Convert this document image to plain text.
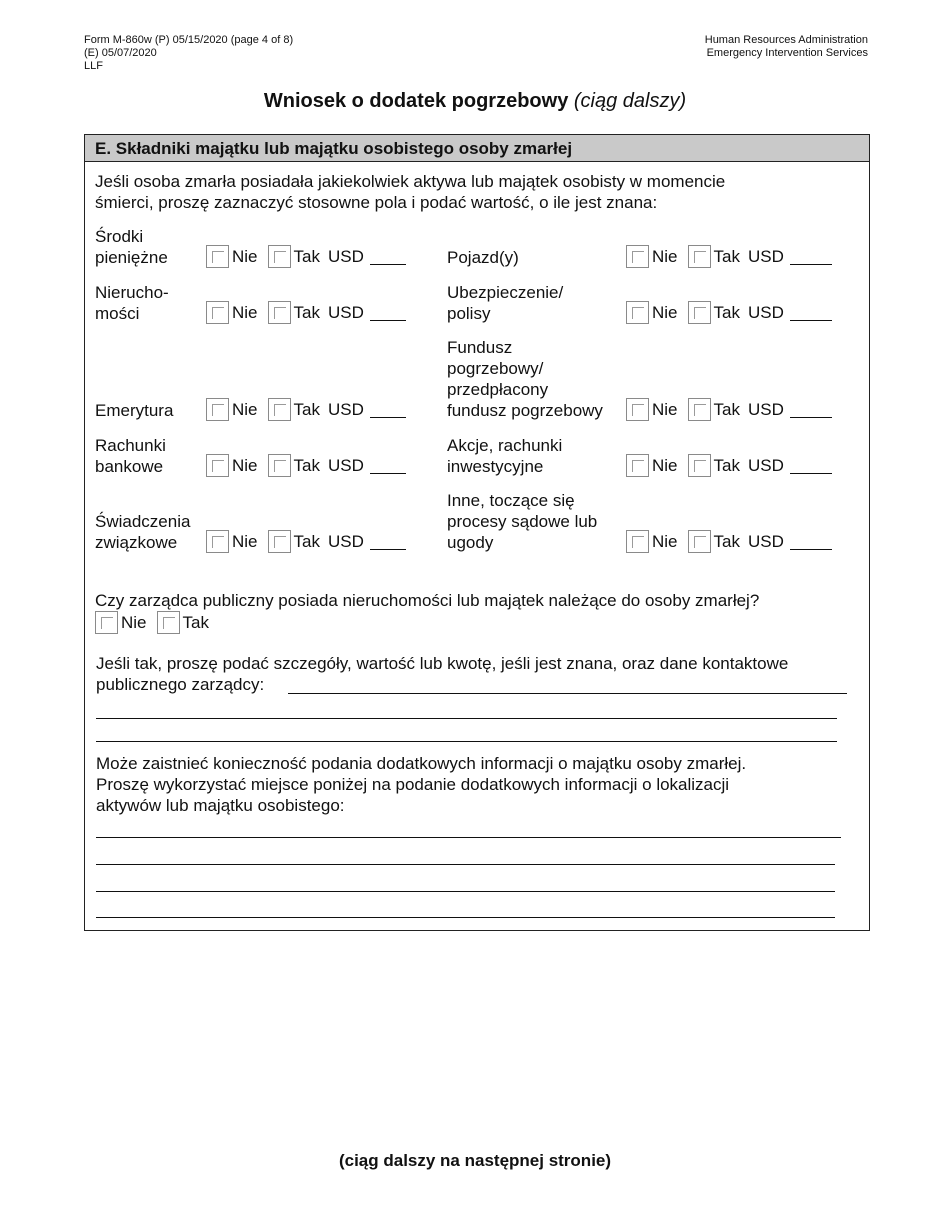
Form M-860w (P) 05/15/2020 (page 4 of 8)
(E) 05/07/2020
LLF
Human Resources Administration
Emergency Intervention Services
Wniosek o dodatek pogrzebowy (ciąg dalszy)
E. Składniki majątku lub majątku osobistego osoby zmarłej
Jeśli osoba zmarła posiadała jakiekolwiek aktywa lub majątek osobisty w momencie
śmierci, proszę zaznaczyć stosowne pola i podać wartość, o ile jest znana:
Środki
pieniężne
Nierucho-
mości
Emerytura
Rachunki
bankowe
Świadczenia
związkowe
Nie Tak USD
Nie Tak USD
Nie Tak USD
Nie Tak USD
Nie Tak USD
Pojazd(y)
Ubezpieczenie/
polisy
Fundusz
pogrzebowy/
przedpłacony
fundusz pogrzebowy
Akcje, rachunki
inwestycyjne
Inne, toczące się
procesy sądowe lub
ugody
Nie Tak USD
Nie Tak USD
Nie Tak USD
Nie Tak USD
Nie Tak USD
Czy zarządca publiczny posiada nieruchomości lub majątek należące do osoby zmarłej?
Nie Tak
Jeśli tak, proszę podać szczegóły, wartość lub kwotę, jeśli jest znana, oraz dane kontaktowe
publicznego zarządcy:
Może zaistnieć konieczność podania dodatkowych informacji o majątku osoby zmarłej.
Proszę wykorzystać miejsce poniżej na podanie dodatkowych informacji o lokalizacji
aktywów lub majątku osobistego:
(ciąg dalszy na następnej stronie)
